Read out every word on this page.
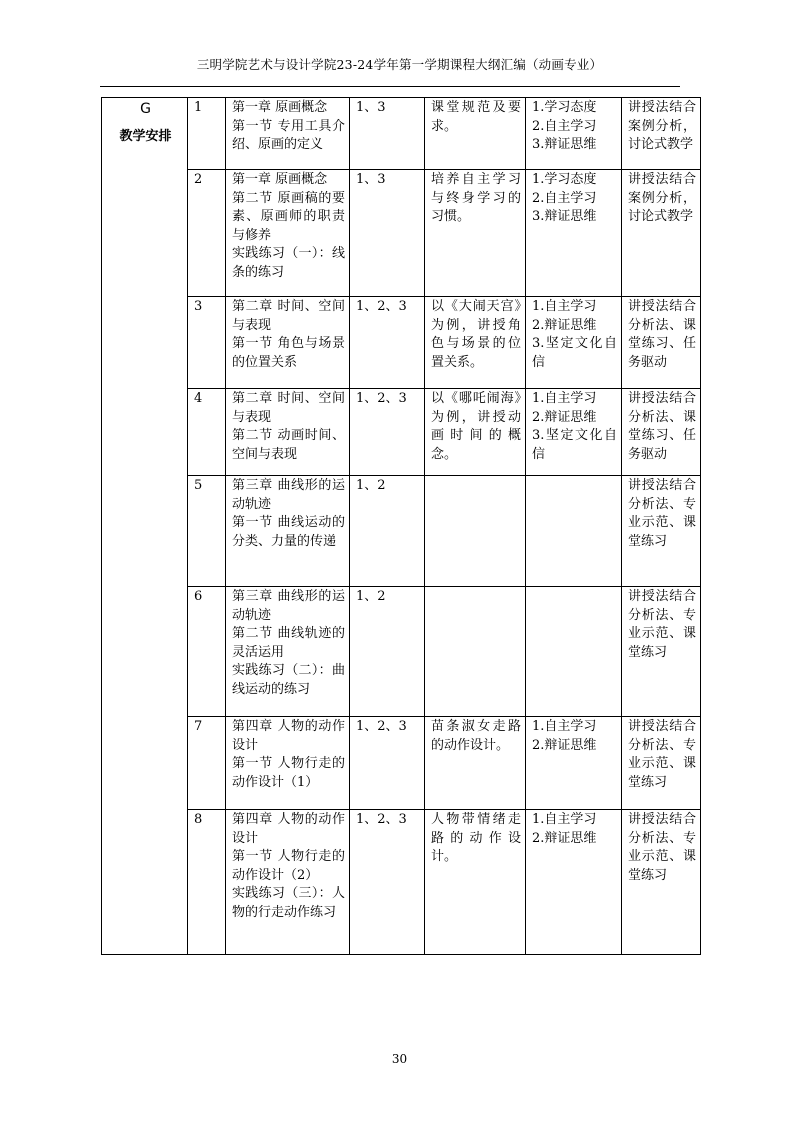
三明学院艺术与设计学院23-24学年第一学期课程大纲汇编（动画专业）
G
教学安排	1	第一章 原画概念
第一节 专用工具介绍、原画的定义	1、3	课堂规范及要求。	1.学习态度
2.自主学习
3.辩证思维	讲授法结合案例分析，讨论式教学
	2	第一章 原画概念
第二节 原画稿的要素、原画师的职责与修养
实践练习（一）：线条的练习	1、3	培养自主学习与终身学习的习惯。	1.学习态度
2.自主学习
3.辩证思维	讲授法结合案例分析，讨论式教学
	3	第二章 时间、空间与表现
第一节 角色与场景的位置关系	1、2、3	以《大闹天宫》为例，讲授角色与场景的位置关系。	1.自主学习
2.辩证思维
3.坚定文化自信	讲授法结合分析法、课堂练习、任务驱动
	4	第二章 时间、空间与表现
第二节 动画时间、空间与表现	1、2、3	以《哪吒闹海》为例，讲授动画时间的概念。	1.自主学习
2.辩证思维
3.坚定文化自信	讲授法结合分析法、课堂练习、任务驱动
	5	第三章 曲线形的运动轨迹
第一节 曲线运动的分类、力量的传递	1、2			讲授法结合分析法、专业示范、课堂练习
	6	第三章 曲线形的运动轨迹
第二节 曲线轨迹的灵活运用
实践练习（二）：曲线运动的练习	1、2			讲授法结合分析法、专业示范、课堂练习
	7	第四章 人物的动作设计
第一节 人物行走的动作设计（1）	1、2、3	苗条淑女走路的动作设计。	1.自主学习
2.辩证思维	讲授法结合分析法、专业示范、课堂练习
	8	第四章 人物的动作设计
第一节 人物行走的动作设计（2）
实践练习（三）：人物的行走动作练习	1、2、3	人物带情绪走路的动作设计。	1.自主学习
2.辩证思维	讲授法结合分析法、专业示范、课堂练习
30
